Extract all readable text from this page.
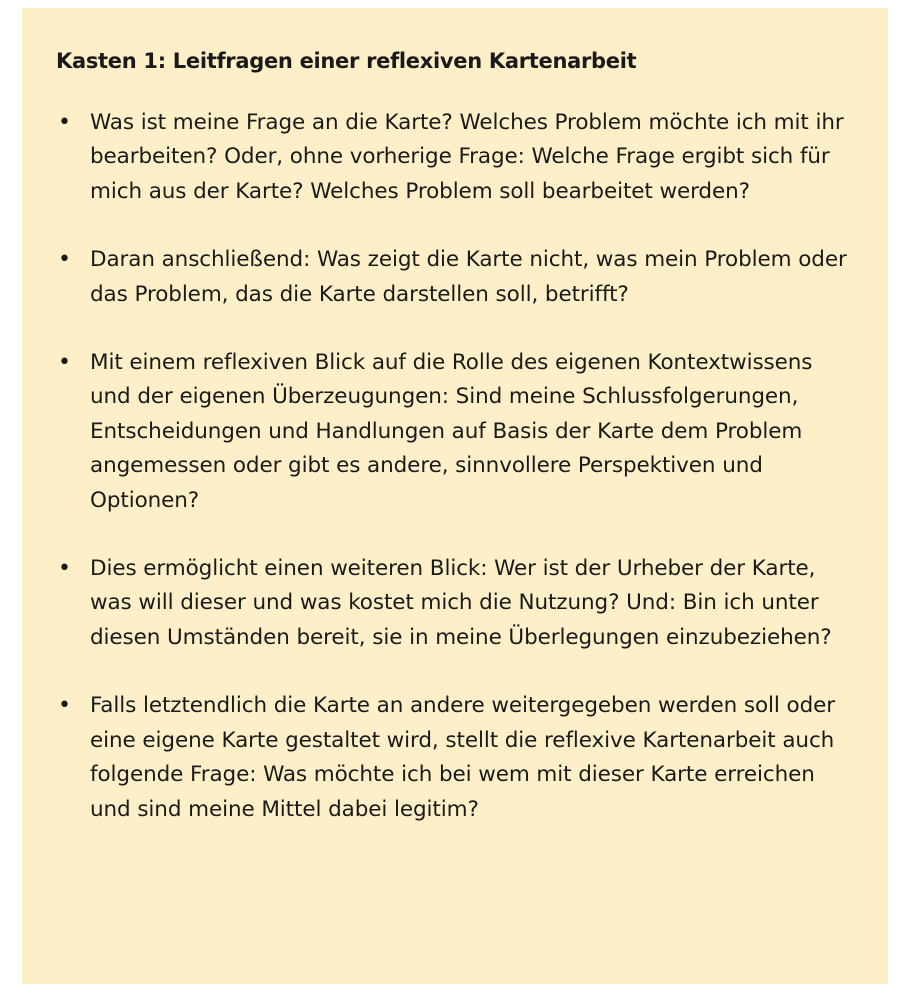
Kasten 1: Leitfragen einer reflexiven Kartenarbeit
• Was ist meine Frage an die Karte? Welches Problem möchte ich mit ihr bearbeiten? Oder, ohne vorherige Frage: Welche Frage ergibt sich für mich aus der Karte? Welches Problem soll bearbeitet werden?
• Daran anschließend: Was zeigt die Karte nicht, was mein Problem oder das Problem, das die Karte darstellen soll, betrifft?
• Mit einem reflexiven Blick auf die Rolle des eigenen Kontextwissens und der eigenen Überzeugungen: Sind meine Schlussfolgerungen, Entscheidungen und Handlungen auf Basis der Karte dem Problem angemessen oder gibt es andere, sinnvollere Perspektiven und Optionen?
• Dies ermöglicht einen weiteren Blick: Wer ist der Urheber der Karte, was will dieser und was kostet mich die Nutzung? Und: Bin ich unter diesen Umständen bereit, sie in meine Überlegungen einzubeziehen?
• Falls letztendlich die Karte an andere weitergegeben werden soll oder eine eigene Karte gestaltet wird, stellt die reflexive Kartenarbeit auch folgende Frage: Was möchte ich bei wem mit dieser Karte erreichen und sind meine Mittel dabei legitim?
